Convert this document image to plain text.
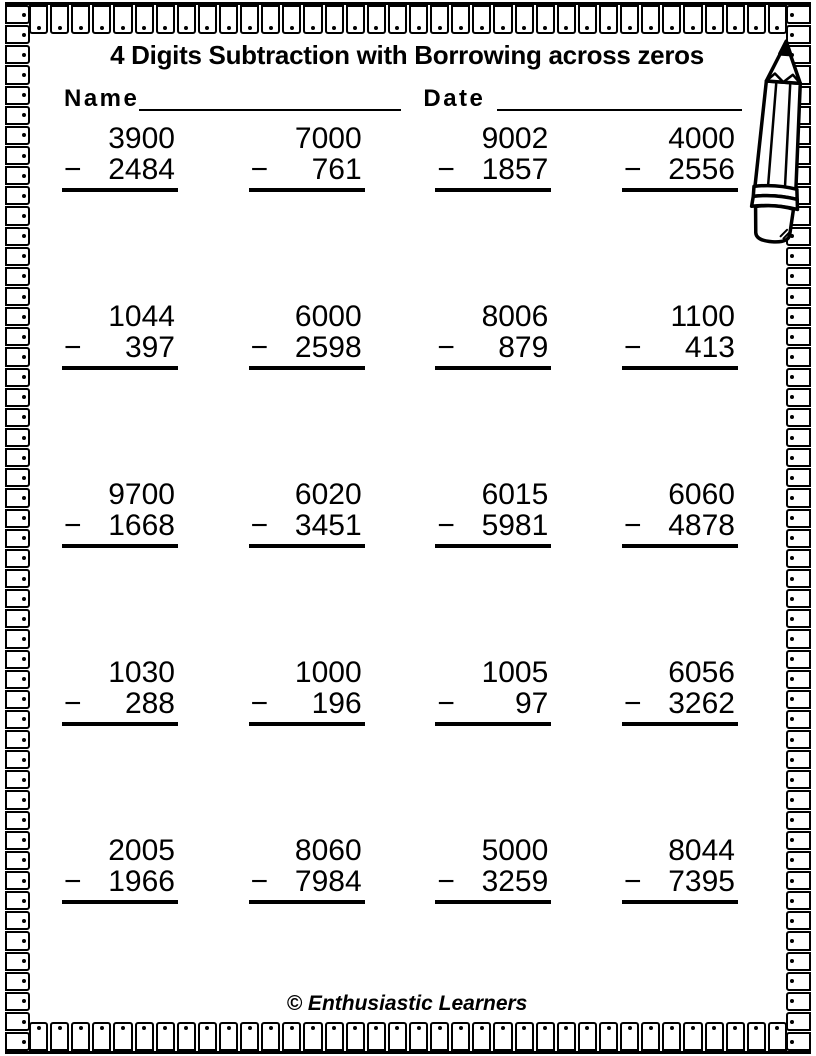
4 Digits Subtraction with Borrowing across zeros
Name	Date
3900
− 2484
7000
− 761
9002
− 1857
4000
− 2556
1044
− 397
6000
− 2598
8006
− 879
1100
− 413
9700
− 1668
6020
− 3451
6015
− 5981
6060
− 4878
1030
− 288
1000
− 196
1005
− 97
6056
− 3262
2005
− 1966
8060
− 7984
5000
− 3259
8044
− 7395
© Enthusiastic Learners
